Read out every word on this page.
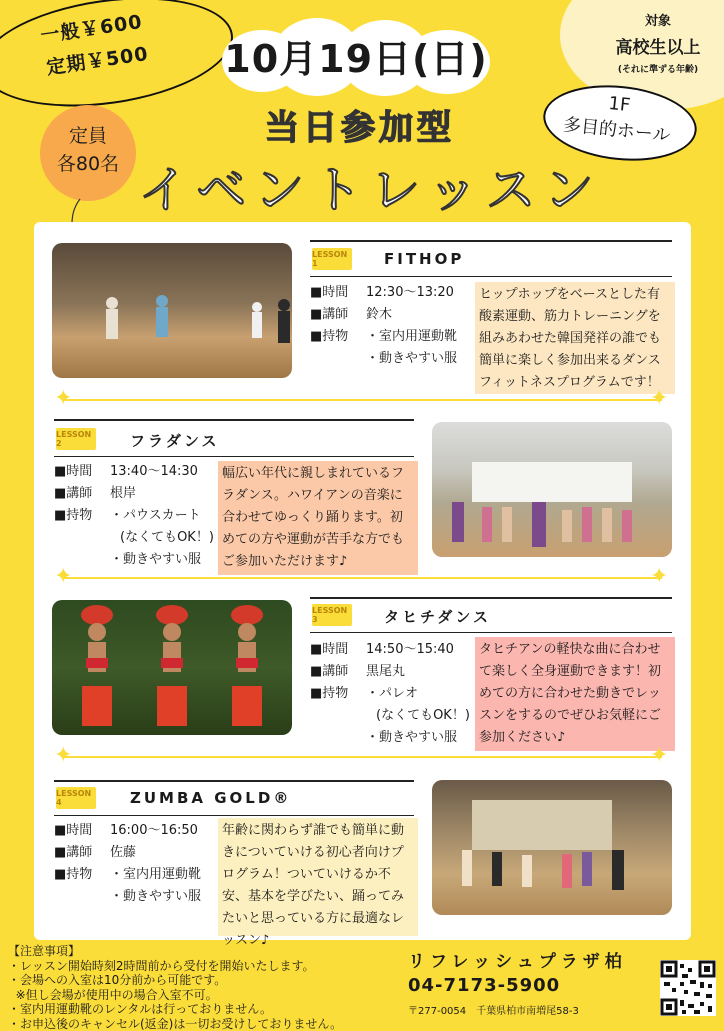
一般￥600
定期￥500 10月19日(日)
対象
高校生以上
(それに準ずる年齢)
1F
多目的ホール
定員
各80名
当日参加型
イベントレッスン
LESSON 1	FITHOP
■時間	12:30～13:20
■講師	鈴木
■持物	・室内用運動靴
・動きやすい服
ヒップホップをベースとした有酸素運動、筋力トレーニングを組みあわせた韓国発祥の誰でも簡単に楽しく参加出来るダンスフィットネスプログラムです！
✦	✦
LESSON 2	フラダンス
■時間	13:40～14:30
■講師	根岸
■持物	・パウスカート
(なくてもOK！)
・動きやすい服
幅広い年代に親しまれているフラダンス。ハワイアンの音楽に合わせてゆっくり踊ります。初めての方や運動が苦手な方でもご参加いただけます♪
✦	✦
LESSON 3	タヒチダンス
■時間	14:50～15:40
■講師	黒尾丸
■持物	・パレオ
(なくてもOK！)
・動きやすい服
タヒチアンの軽快な曲に合わせて楽しく全身運動できます！初めての方に合わせた動きでレッスンをするのでぜひお気軽にご参加ください♪
✦	✦
LESSON 4	ZUMBA GOLD®
■時間	16:00～16:50
■講師	佐藤
■持物	・室内用運動靴
・動きやすい服
年齢に関わらず誰でも簡単に動きについていける初心者向けプログラム！ついていけるか不安、基本を学びたい、踊ってみたいと思っている方に最適なレッスン♪
【注意事項】
・レッスン開始時刻2時間前から受付を開始いたします。
・会場への入室は10分前から可能です。
※但し会場が使用中の場合入室不可。
・室内用運動靴のレンタルは行っておりません。
・お申込後のキャンセル(返金)は一切お受けしておりません。
リフレッシュプラザ柏
04-7173-5900
〒277-0054　千葉県柏市南増尾58-3
